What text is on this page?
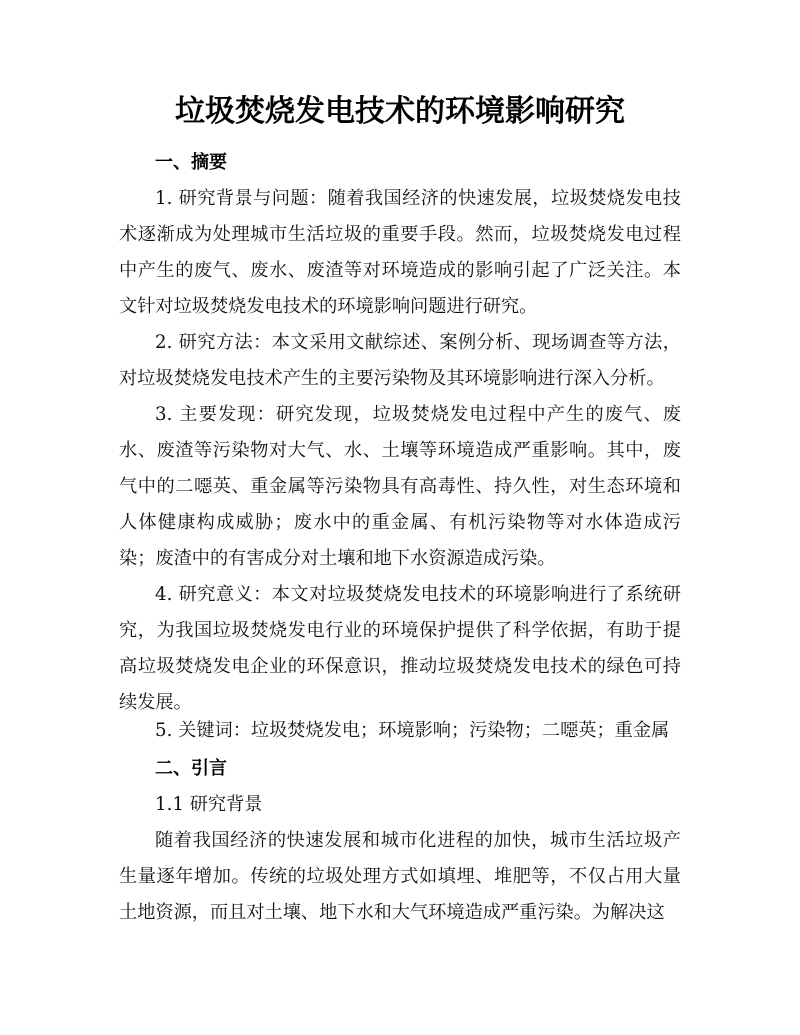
垃圾焚烧发电技术的环境影响研究
一、摘要
1. 研究背景与问题：随着我国经济的快速发展，垃圾焚烧发电技术逐渐成为处理城市生活垃圾的重要手段。然而，垃圾焚烧发电过程中产生的废气、废水、废渣等对环境造成的影响引起了广泛关注。本文针对垃圾焚烧发电技术的环境影响问题进行研究。
2. 研究方法：本文采用文献综述、案例分析、现场调查等方法，对垃圾焚烧发电技术产生的主要污染物及其环境影响进行深入分析。
3. 主要发现：研究发现，垃圾焚烧发电过程中产生的废气、废水、废渣等污染物对大气、水、土壤等环境造成严重影响。其中，废气中的二噁英、重金属等污染物具有高毒性、持久性，对生态环境和人体健康构成威胁；废水中的重金属、有机污染物等对水体造成污染；废渣中的有害成分对土壤和地下水资源造成污染。
4. 研究意义：本文对垃圾焚烧发电技术的环境影响进行了系统研究，为我国垃圾焚烧发电行业的环境保护提供了科学依据，有助于提高垃圾焚烧发电企业的环保意识，推动垃圾焚烧发电技术的绿色可持续发展。
5. 关键词：垃圾焚烧发电；环境影响；污染物；二噁英；重金属
二、引言
1.1 研究背景
随着我国经济的快速发展和城市化进程的加快，城市生活垃圾产生量逐年增加。传统的垃圾处理方式如填埋、堆肥等，不仅占用大量土地资源，而且对土壤、地下水和大气环境造成严重污染。为解决这
